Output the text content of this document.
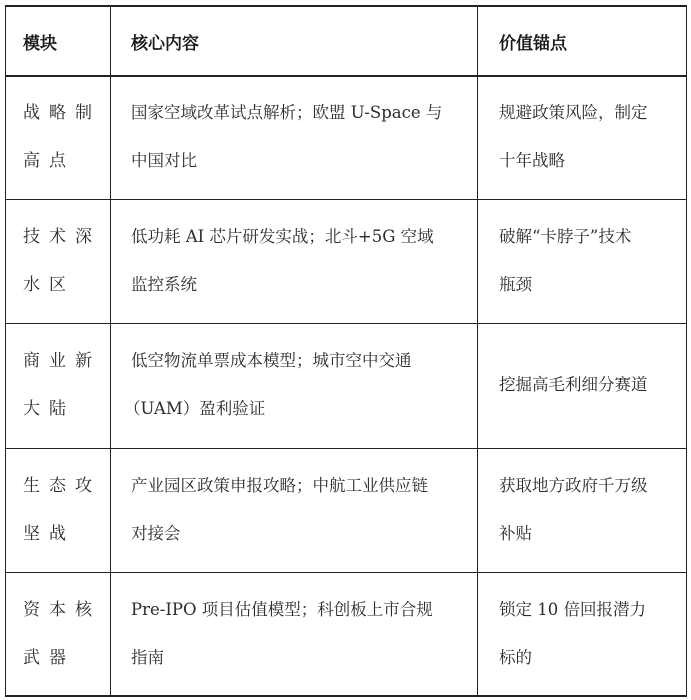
模块	核心内容	价值锚点
战略制
高点
国家空域改革试点解析；欧盟 U-Space 与
中国对比
规避政策风险，制定
十年战略
技术深
水区
低功耗 AI 芯片研发实战；北斗+5G 空域
监控系统
破解“卡脖子”技术
瓶颈
商业新
大陆
低空物流单票成本模型；城市空中交通
（UAM）盈利验证
挖掘高毛利细分赛道
生态攻
坚战
产业园区政策申报攻略；中航工业供应链
对接会
获取地方政府千万级
补贴
资本核
武器
Pre-IPO 项目估值模型；科创板上市合规
指南
锁定 10 倍回报潜力
标的
